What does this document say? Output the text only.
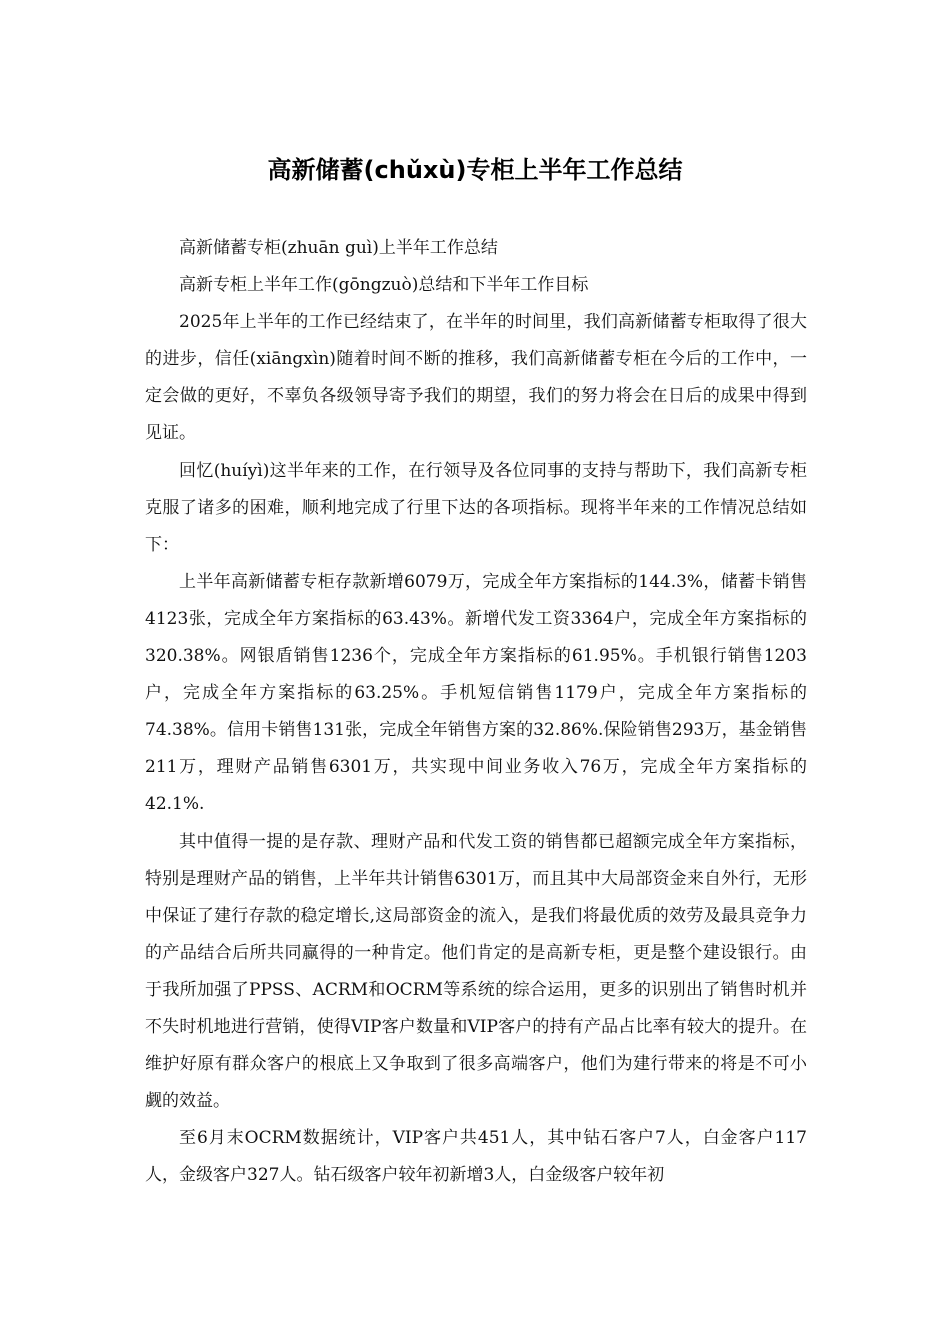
高新储蓄(chǔxù)专柜上半年工作总结

高新储蓄专柜(zhuān guì)上半年工作总结

高新专柜上半年工作(gōngzuò)总结和下半年工作目标

2025年上半年的工作已经结束了，在半年的时间里，我们高新储蓄专柜取得了很大的进步，信任(xiāngxìn)随着时间不断的推移，我们高新储蓄专柜在今后的工作中，一定会做的更好，不辜负各级领导寄予我们的期望，我们的努力将会在日后的成果中得到见证。

回忆(huíyì)这半年来的工作，在行领导及各位同事的支持与帮助下，我们高新专柜克服了诸多的困难，顺利地完成了行里下达的各项指标。现将半年来的工作情况总结如下：

上半年高新储蓄专柜存款新增6079万，完成全年方案指标的144.3%，储蓄卡销售4123张，完成全年方案指标的63.43%。新增代发工资3364户，完成全年方案指标的320.38%。网银盾销售1236个，完成全年方案指标的61.95%。手机银行销售1203户，完成全年方案指标的63.25%。手机短信销售1179户，完成全年方案指标的74.38%。信用卡销售131张，完成全年销售方案的32.86%.保险销售293万，基金销售211万，理财产品销售6301万，共实现中间业务收入76万，完成全年方案指标的42.1%.

其中值得一提的是存款、理财产品和代发工资的销售都已超额完成全年方案指标，特别是理财产品的销售，上半年共计销售6301万，而且其中大局部资金来自外行，无形中保证了建行存款的稳定增长,这局部资金的流入，是我们将最优质的效劳及最具竞争力的产品结合后所共同赢得的一种肯定。他们肯定的是高新专柜，更是整个建设银行。由于我所加强了PPSS、ACRM和OCRM等系统的综合运用，更多的识别出了销售时机并不失时机地进行营销，使得VIP客户数量和VIP客户的持有产品占比率有较大的提升。在维护好原有群众客户的根底上又争取到了很多高端客户，他们为建行带来的将是不可小觑的效益。

至6月末OCRM数据统计，VIP客户共451人，其中钻石客户7人，白金客户117人，金级客户327人。钻石级客户较年初新增3人，白金级客户较年初
